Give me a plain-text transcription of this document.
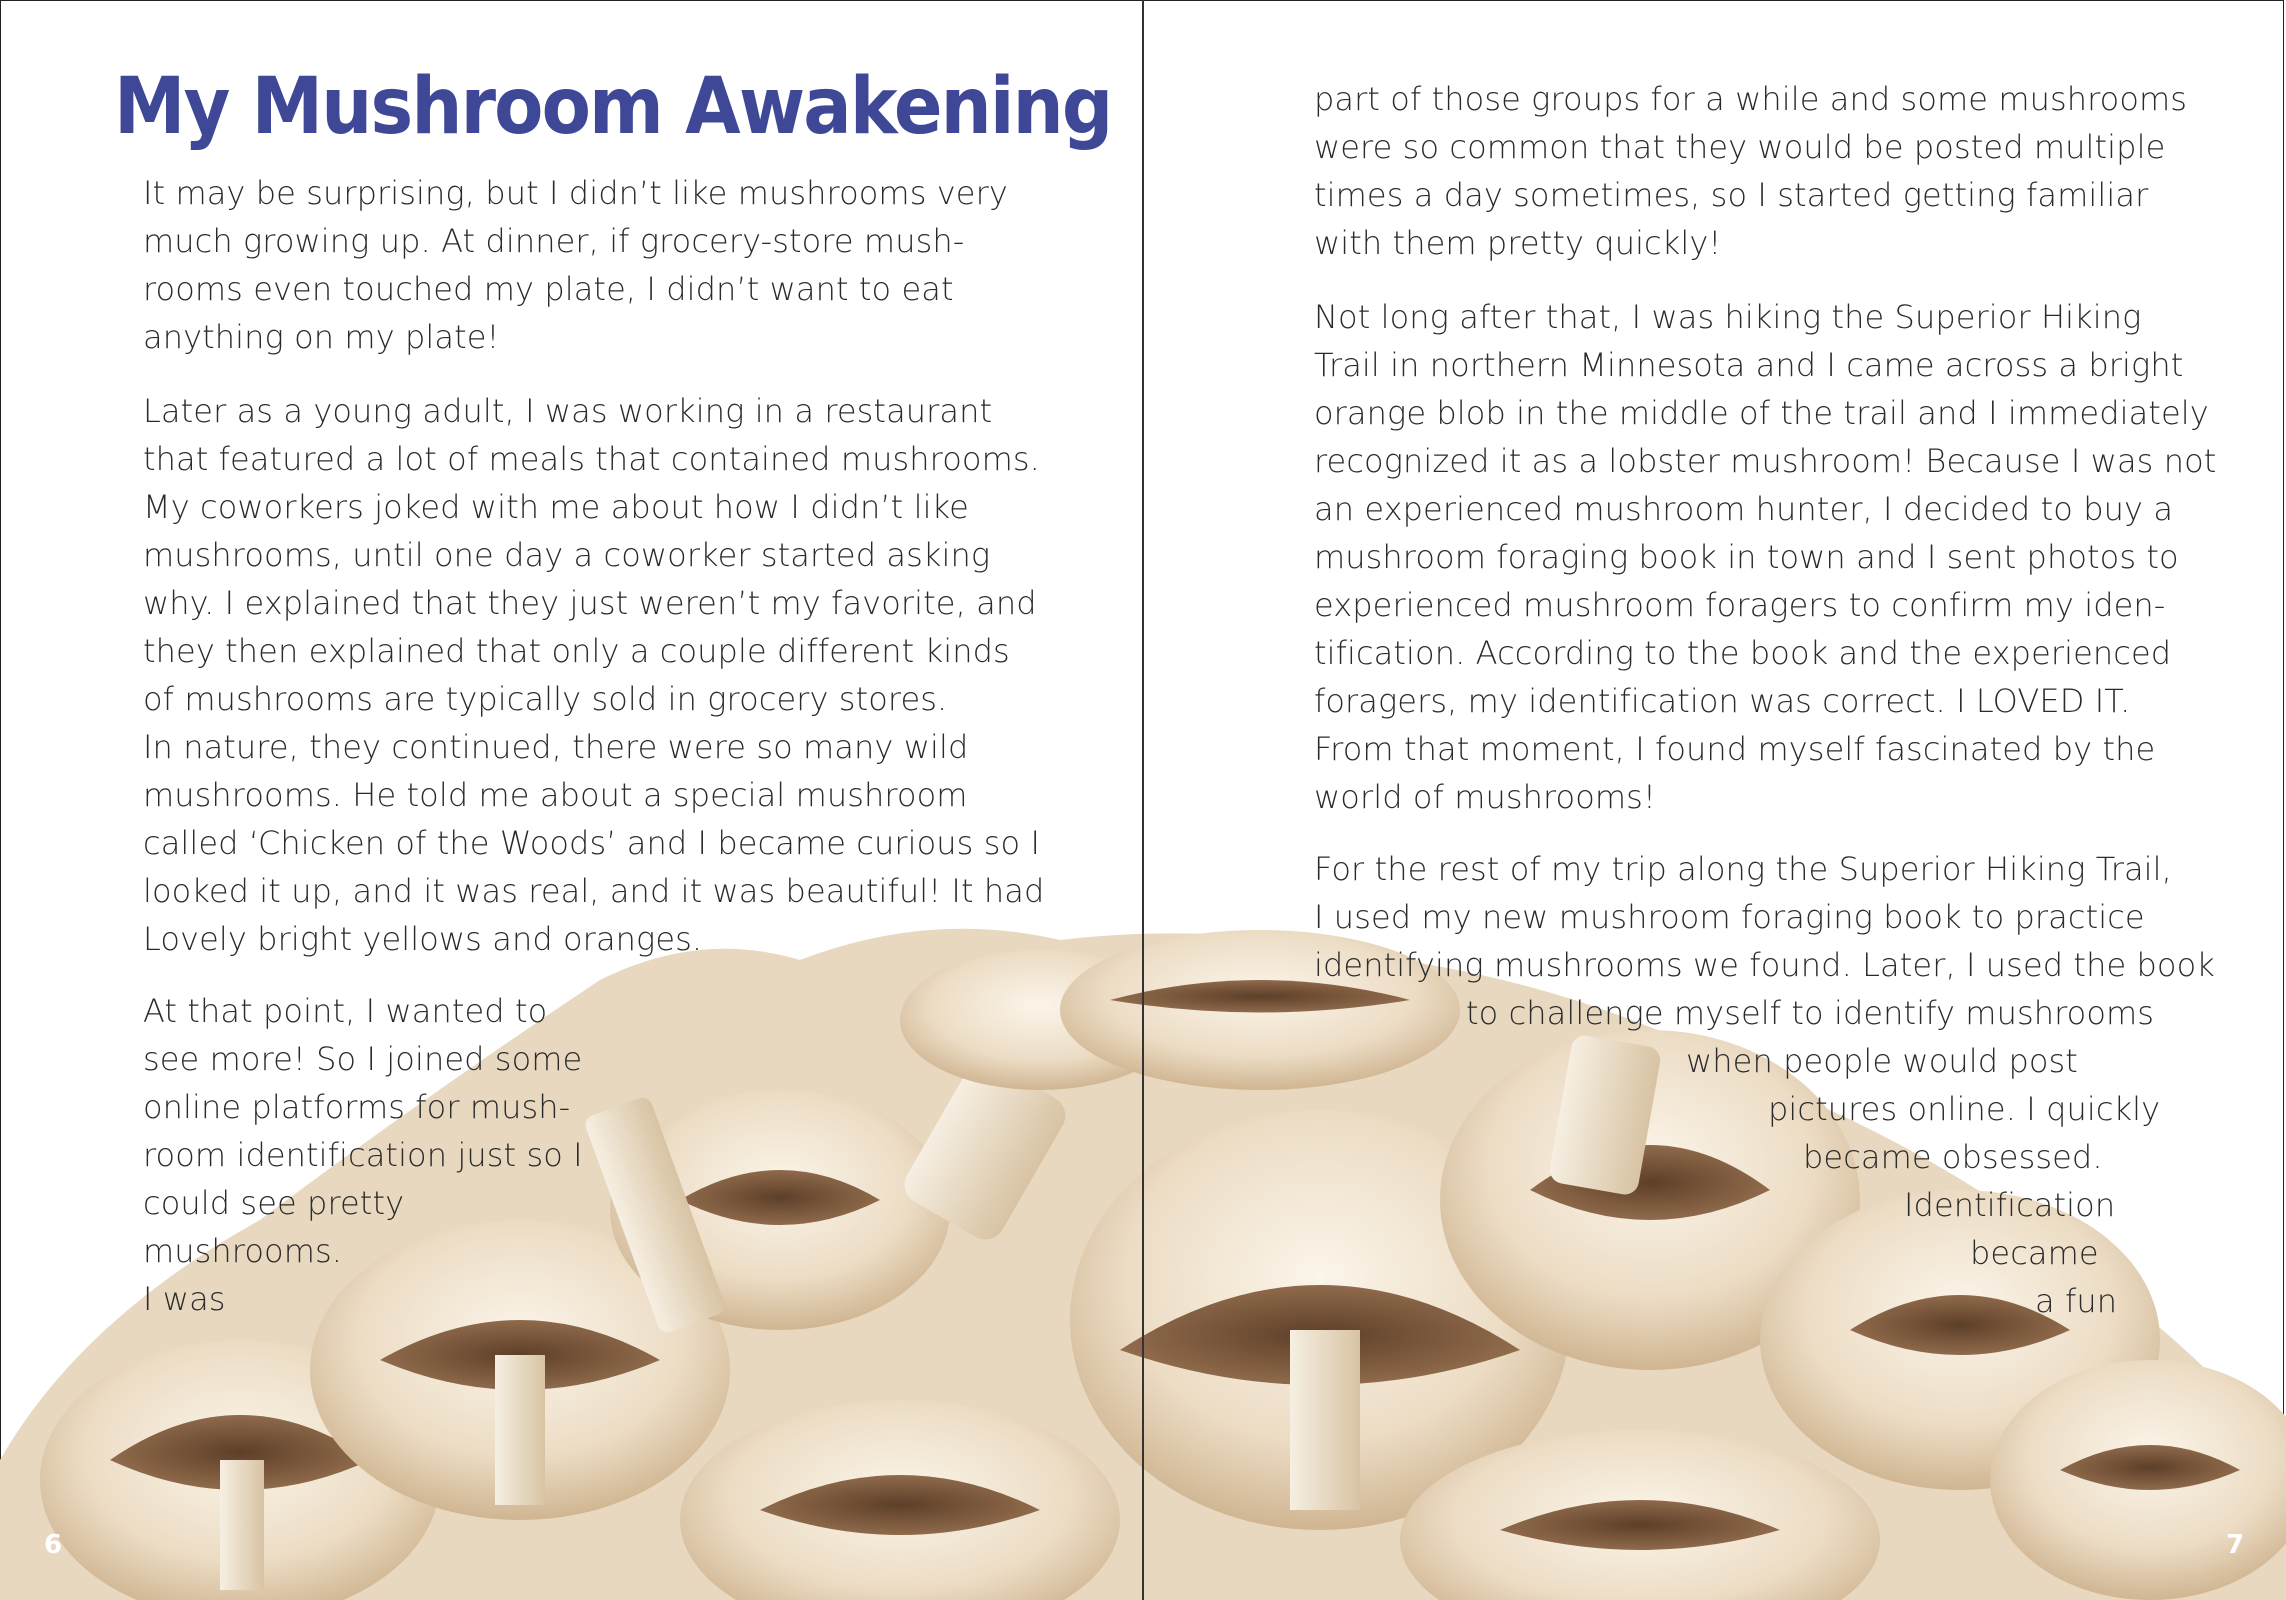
My Mushroom Awakening
It may be surprising, but I didn’t like mushrooms very
much growing up. At dinner, if grocery-store mush-
rooms even touched my plate, I didn’t want to eat
anything on my plate!
Later as a young adult, I was working in a restaurant
that featured a lot of meals that contained mushrooms.
My coworkers joked with me about how I didn’t like
mushrooms, until one day a coworker started asking
why. I explained that they just weren’t my favorite, and
they then explained that only a couple different kinds
of mushrooms are typically sold in grocery stores.
In nature, they continued, there were so many wild
mushrooms. He told me about a special mushroom
called ‘Chicken of the Woods’ and I became curious so I
looked it up, and it was real, and it was beautiful! It had
Lovely bright yellows and oranges.
At that point, I wanted to
see more! So I joined some
online platforms for mush-
room identification just so I
could see pretty
mushrooms.
I was
6
part of those groups for a while and some mushrooms
were so common that they would be posted multiple
times a day sometimes, so I started getting familiar
with them pretty quickly!
Not long after that, I was hiking the Superior Hiking
Trail in northern Minnesota and I came across a bright
orange blob in the middle of the trail and I immediately
recognized it as a lobster mushroom! Because I was not
an experienced mushroom hunter, I decided to buy a
mushroom foraging book in town and I sent photos to
experienced mushroom foragers to confirm my iden-
tification. According to the book and the experienced
foragers, my identification was correct. I LOVED IT.
From that moment, I found myself fascinated by the
world of mushrooms!
For the rest of my trip along the Superior Hiking Trail,
I used my new mushroom foraging book to practice
identifying mushrooms we found. Later, I used the book
to challenge myself to identify mushrooms
when people would post
pictures online. I quickly
became obsessed.
Identification
became
a fun
7
